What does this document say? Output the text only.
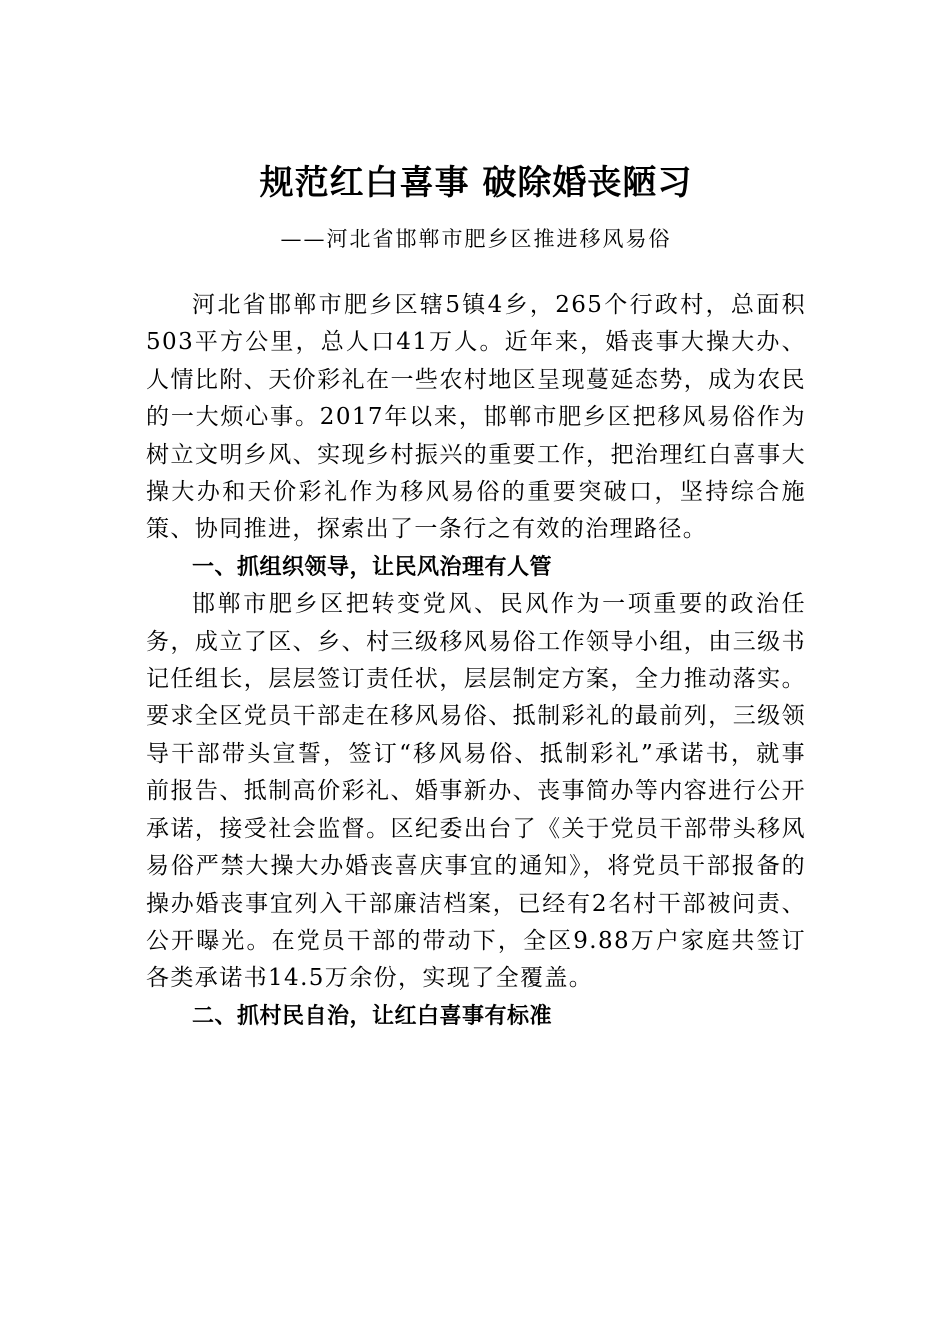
规范红白喜事 破除婚丧陋习
——河北省邯郸市肥乡区推进移风易俗

河北省邯郸市肥乡区辖5镇4乡，265个行政村，总面积503平方公里，总人口41万人。近年来，婚丧事大操大办、人情比附、天价彩礼在一些农村地区呈现蔓延态势，成为农民的一大烦心事。2017年以来，邯郸市肥乡区把移风易俗作为树立文明乡风、实现乡村振兴的重要工作，把治理红白喜事大操大办和天价彩礼作为移风易俗的重要突破口，坚持综合施策、协同推进，探索出了一条行之有效的治理路径。

一、抓组织领导，让民风治理有人管

邯郸市肥乡区把转变党风、民风作为一项重要的政治任务，成立了区、乡、村三级移风易俗工作领导小组，由三级书记任组长，层层签订责任状，层层制定方案，全力推动落实。要求全区党员干部走在移风易俗、抵制彩礼的最前列，三级领导干部带头宣誓，签订“移风易俗、抵制彩礼”承诺书，就事前报告、抵制高价彩礼、婚事新办、丧事简办等内容进行公开承诺，接受社会监督。区纪委出台了《关于党员干部带头移风易俗严禁大操大办婚丧喜庆事宜的通知》，将党员干部报备的操办婚丧事宜列入干部廉洁档案，已经有2名村干部被问责、公开曝光。在党员干部的带动下，全区9.88万户家庭共签订各类承诺书14.5万余份，实现了全覆盖。

二、抓村民自治，让红白喜事有标准
